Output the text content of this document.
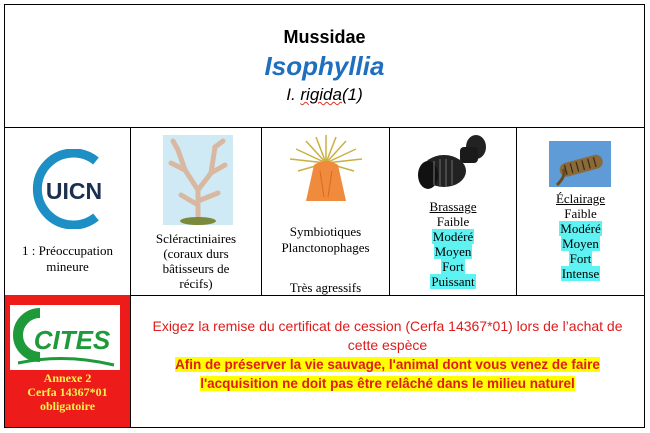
Mussidae
Isophyllia
I. rigida(1)
UICN
1 : Préoccupation
mineure
Scléractiniaires
(coraux durs
bâtisseurs de
récifs)
Symbiotiques
Planctonophages
Très agressifs
Brassage
Faible
Modéré
Moyen
Fort
Puissant
Éclairage
Faible
Modéré
Moyen
Fort
Intense
CITES
Annexe 2
Cerfa 14367*01
obligatoire
Exigez la remise du certificat de cession (Cerfa 14367*01) lors de l’achat de cette espèce
Afin de préserver la vie sauvage, l'animal dont vous venez de faire
l'acquisition ne doit pas être relâché dans le milieu naturel
